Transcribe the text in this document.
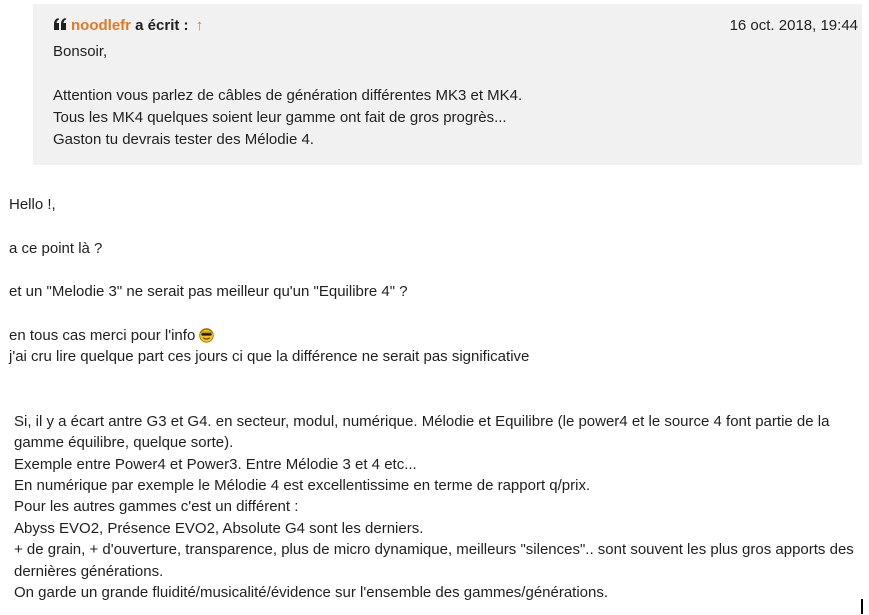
noodlefr a écrit : ↑	16 oct. 2018, 19:44
Bonsoir,
Attention vous parlez de câbles de génération différentes MK3 et MK4.
Tous les MK4 quelques soient leur gamme ont fait de gros progrès...
Gaston tu devrais tester des Mélodie 4.
Hello !,
a ce point là ?
et un "Melodie 3" ne serait pas meilleur qu'un "Equilibre 4" ?
en tous cas merci pour l'info
j'ai cru lire quelque part ces jours ci que la différence ne serait pas significative
Si, il y a écart antre G3 et G4. en secteur, modul, numérique. Mélodie et Equilibre (le power4 et le source 4 font partie de la
gamme équilibre, quelque sorte).
Exemple entre Power4 et Power3. Entre Mélodie 3 et 4 etc...
En numérique par exemple le Mélodie 4 est excellentissime en terme de rapport q/prix.
Pour les autres gammes c'est un différent :
Abyss EVO2, Présence EVO2, Absolute G4 sont les derniers.
+ de grain, + d'ouverture, transparence, plus de micro dynamique, meilleurs "silences".. sont souvent les plus gros apports des
dernières générations.
On garde un grande fluidité/musicalité/évidence sur l'ensemble des gammes/générations.
